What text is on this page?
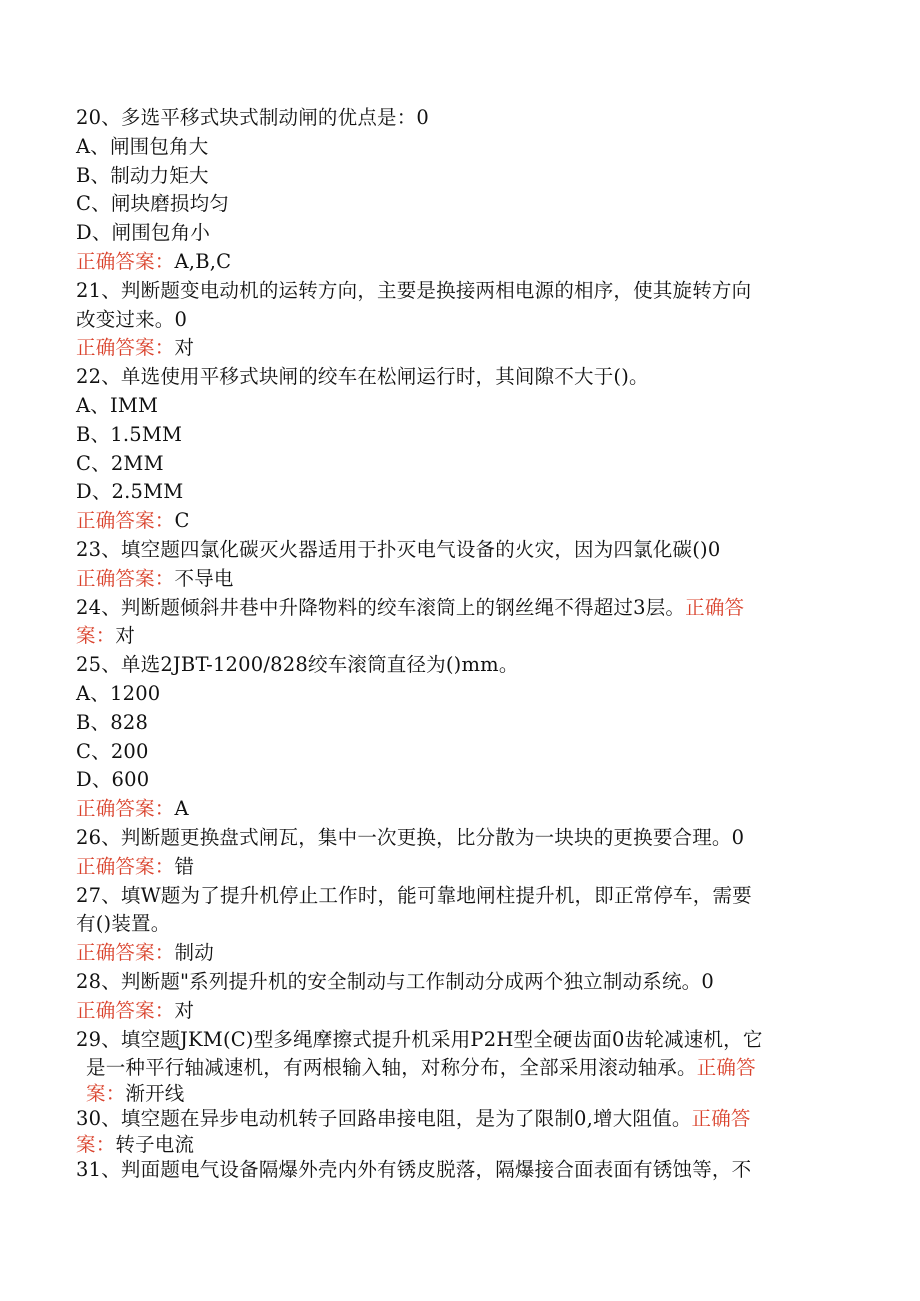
20、多选平移式块式制动闸的优点是：0
A、闸围包角大
B、制动力矩大
C、闸块磨损均匀
D、闸围包角小
正确答案：A,B,C
21、判断题变电动机的运转方向，主要是换接两相电源的相序，使其旋转方向
改变过来。0
正确答案：对
22、单选使用平移式块闸的绞车在松闸运行时，其间隙不大于()。
A、IMM
B、1.5MM
C、2MM
D、2.5MM
正确答案：C
23、填空题四氯化碳灭火器适用于扑灭电气设备的火灾，因为四氯化碳()0
正确答案：不导电
24、判断题倾斜井巷中升降物料的绞车滚筒上的钢丝绳不得超过3层。正确答
案：对
25、单选2JBT-1200/828绞车滚筒直径为()mm。
A、1200
B、828
C、200
D、600
正确答案：A
26、判断题更换盘式闸瓦，集中一次更换，比分散为一块块的更换要合理。0
正确答案：错
27、填W题为了提升机停止工作时，能可靠地闸柱提升机，即正常停车，需要
有()装置。
正确答案：制动
28、判断题"系列提升机的安全制动与工作制动分成两个独立制动系统。0
正确答案：对
29、填空题JKM(C)型多绳摩擦式提升机采用P2H型全硬齿面0齿轮减速机，它
是一种平行轴减速机，有两根输入轴，对称分布，全部采用滚动轴承。正确答
案：渐开线
30、填空题在异步电动机转子回路串接电阻，是为了限制0,增大阻值。正确答
案：转子电流
31、判面题电气设备隔爆外壳内外有锈皮脱落，隔爆接合面表面有锈蚀等，不
